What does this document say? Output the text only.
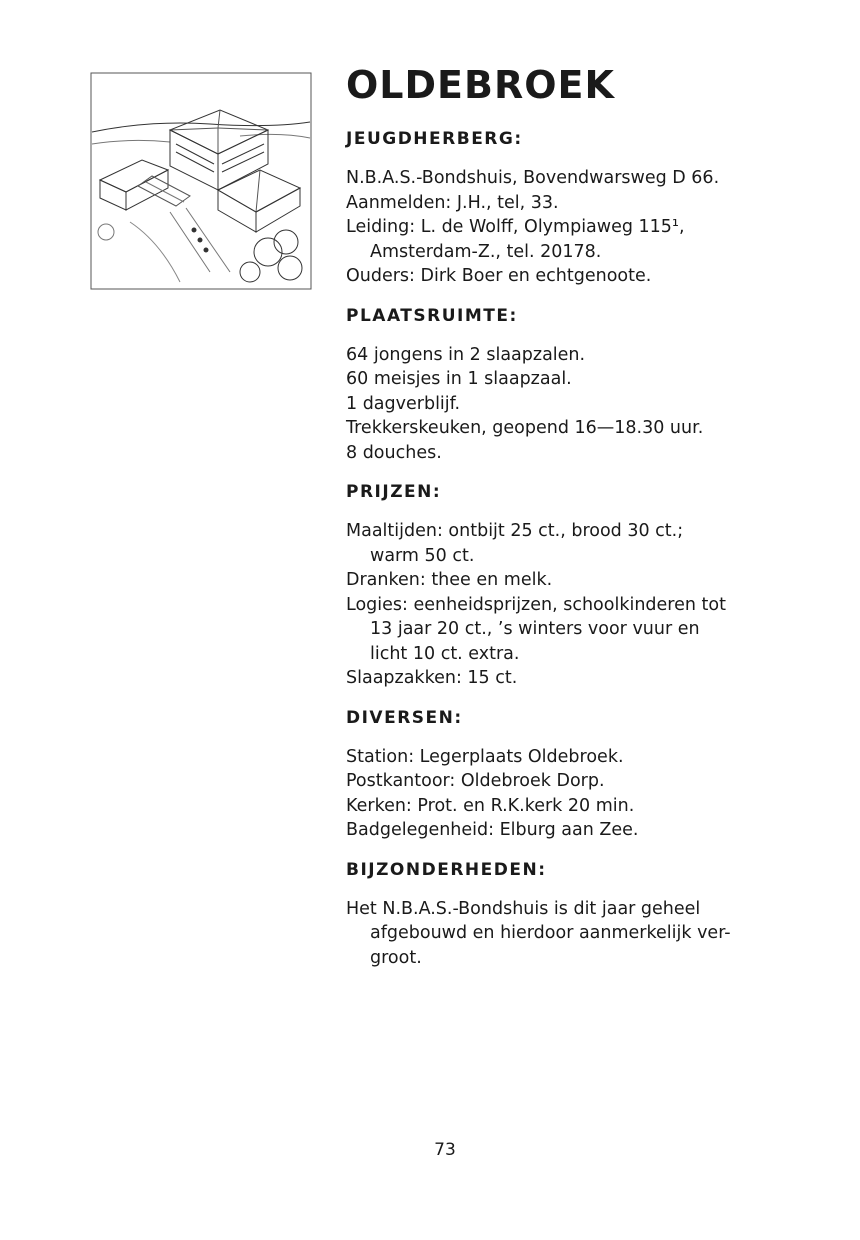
OLDEBROEK
JEUGDHERBERG:

N.B.A.S.-Bondshuis, Bovendwarsweg D 66.

Aanmelden: J.H., tel, 33.

Leiding: L. de Wolff, Olympiaweg 115¹,

Amsterdam-Z., tel. 20178.

Ouders: Dirk Boer en echtgenoote.

PLAATSRUIMTE:

64 jongens in 2 slaapzalen.

60 meisjes in 1 slaapzaal.

1 dagverblijf.

Trekkerskeuken, geopend 16—18.30 uur.

8 douches.

PRIJZEN:

Maaltijden: ontbijt 25 ct., brood 30 ct.;

warm 50 ct.

Dranken: thee en melk.

Logies: eenheidsprijzen, schoolkinderen tot

13 jaar 20 ct., ’s winters voor vuur en

licht 10 ct. extra.

Slaapzakken: 15 ct.

DIVERSEN:

Station: Legerplaats Oldebroek.

Postkantoor: Oldebroek Dorp.

Kerken: Prot. en R.K.kerk 20 min.

Badgelegenheid: Elburg aan Zee.

BIJZONDERHEDEN:

Het N.B.A.S.-Bondshuis is dit jaar geheel

afgebouwd en hierdoor aanmerkelijk ver-

groot.

73
